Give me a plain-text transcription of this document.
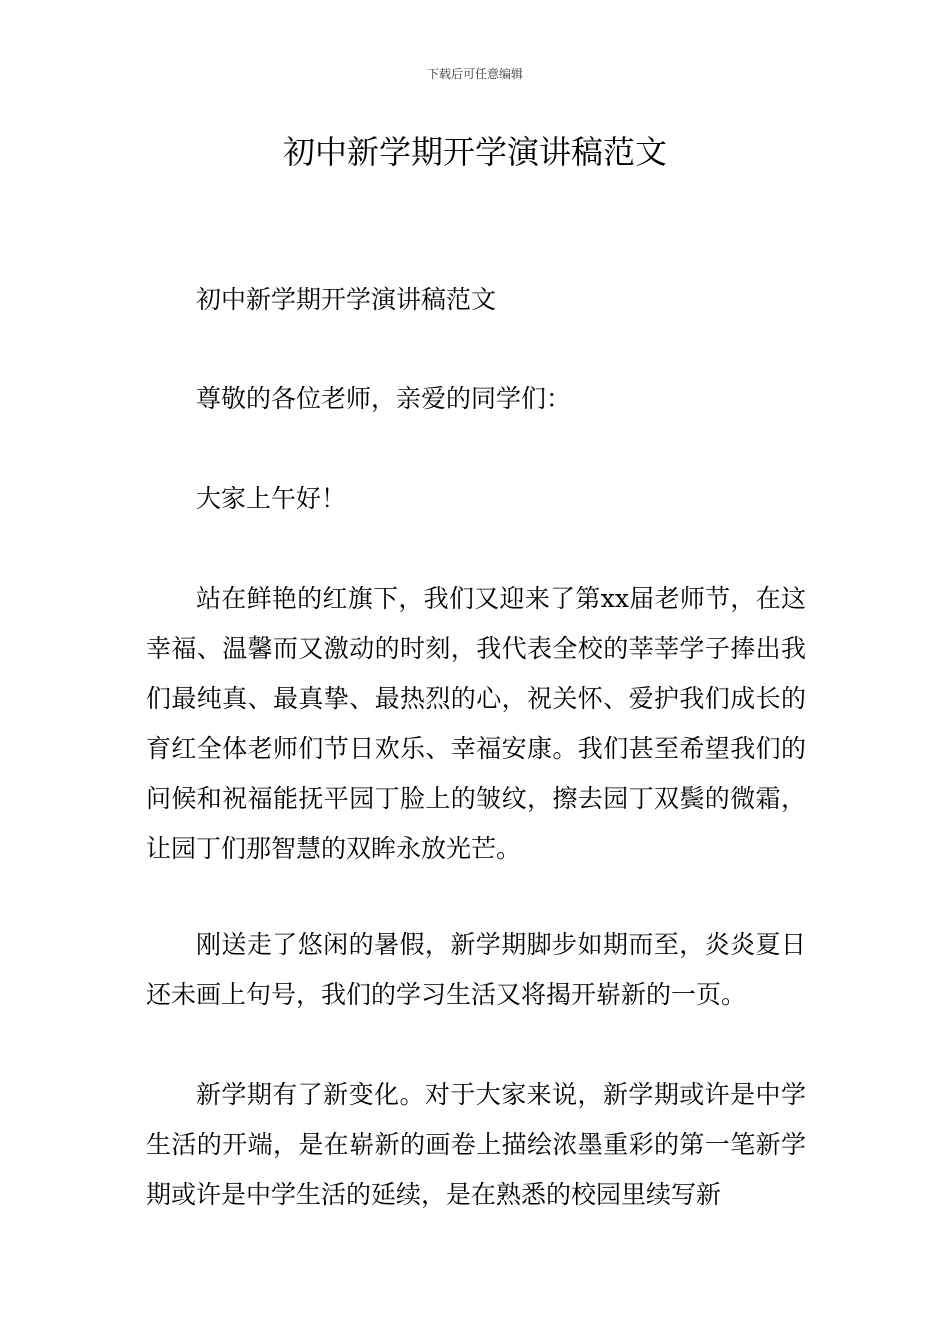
下载后可任意编辑
初中新学期开学演讲稿范文

初中新学期开学演讲稿范文

尊敬的各位老师，亲爱的同学们：

大家上午好！

站在鲜艳的红旗下，我们又迎来了第xx届老师节，在这幸福、温馨而又激动的时刻，我代表全校的莘莘学子捧出我们最纯真、最真挚、最热烈的心，祝关怀、爱护我们成长的育红全体老师们节日欢乐、幸福安康。我们甚至希望我们的问候和祝福能抚平园丁脸上的皱纹，擦去园丁双鬓的微霜，让园丁们那智慧的双眸永放光芒。

刚送走了悠闲的暑假，新学期脚步如期而至，炎炎夏日还未画上句号，我们的学习生活又将揭开崭新的一页。

新学期有了新变化。对于大家来说，新学期或许是中学生活的开端，是在崭新的画卷上描绘浓墨重彩的第一笔新学期或许是中学生活的延续，是在熟悉的校园里续写新
